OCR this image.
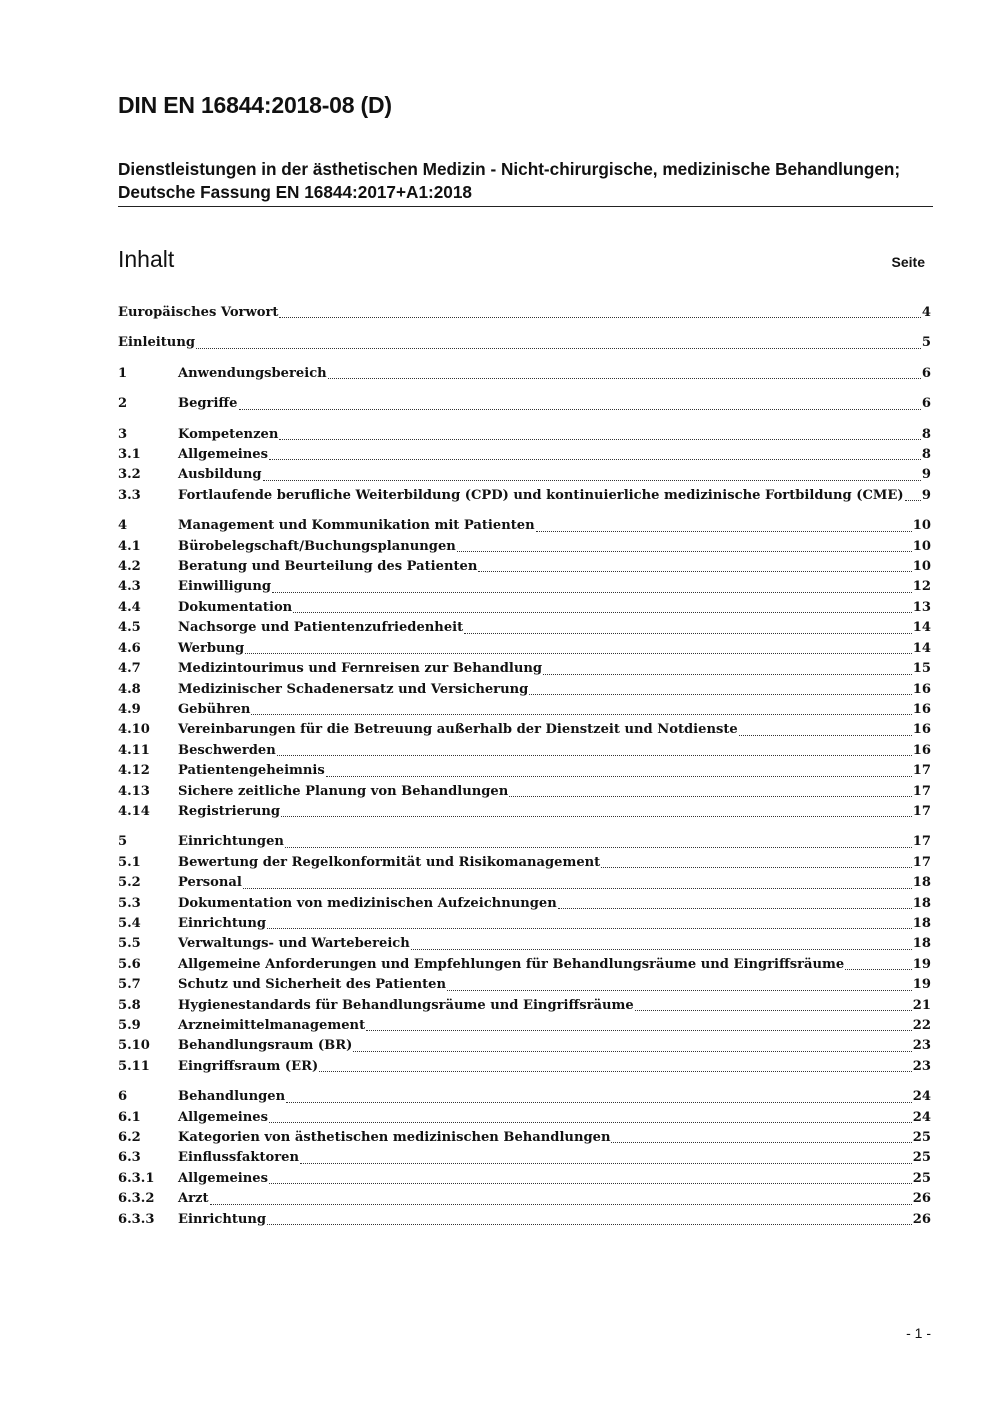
DIN EN 16844:2018-08 (D)
Dienstleistungen in der ästhetischen Medizin - Nicht-chirurgische, medizinische Behandlungen; Deutsche Fassung EN 16844:2017+A1:2018
Inhalt	Seite
Europäisches Vorwort	4
Einleitung	5
1	Anwendungsbereich	6
2	Begriffe	6
3	Kompetenzen	8
3.1	Allgemeines	8
3.2	Ausbildung	9
3.3	Fortlaufende berufliche Weiterbildung (CPD) und kontinuierliche medizinische Fortbildung (CME) 9
4	Management und Kommunikation mit Patienten	10
4.1	Bürobelegschaft/Buchungsplanungen	10
4.2	Beratung und Beurteilung des Patienten	10
4.3	Einwilligung	12
4.4	Dokumentation	13
4.5	Nachsorge und Patientenzufriedenheit	14
4.6	Werbung	14
4.7	Medizintourimus und Fernreisen zur Behandlung	15
4.8	Medizinischer Schadenersatz und Versicherung	16
4.9	Gebühren	16
4.10	Vereinbarungen für die Betreuung außerhalb der Dienstzeit und Notdienste	16
4.11	Beschwerden	16
4.12	Patientengeheimnis	17
4.13	Sichere zeitliche Planung von Behandlungen	17
4.14	Registrierung	17
5	Einrichtungen	17
5.1	Bewertung der Regelkonformität und Risikomanagement	17
5.2	Personal	18
5.3	Dokumentation von medizinischen Aufzeichnungen	18
5.4	Einrichtung	18
5.5	Verwaltungs- und Wartebereich	18
5.6	Allgemeine Anforderungen und Empfehlungen für Behandlungsräume und Eingriffsräume	19
5.7	Schutz und Sicherheit des Patienten	19
5.8	Hygienestandards für Behandlungsräume und Eingriffsräume	21
5.9	Arzneimittelmanagement	22
5.10	Behandlungsraum (BR)	23
5.11	Eingriffsraum (ER)	23
6	Behandlungen	24
6.1	Allgemeines	24
6.2	Kategorien von ästhetischen medizinischen Behandlungen	25
6.3	Einflussfaktoren	25
6.3.1	Allgemeines	25
6.3.2	Arzt	26
6.3.3	Einrichtung	26
- 1 -
